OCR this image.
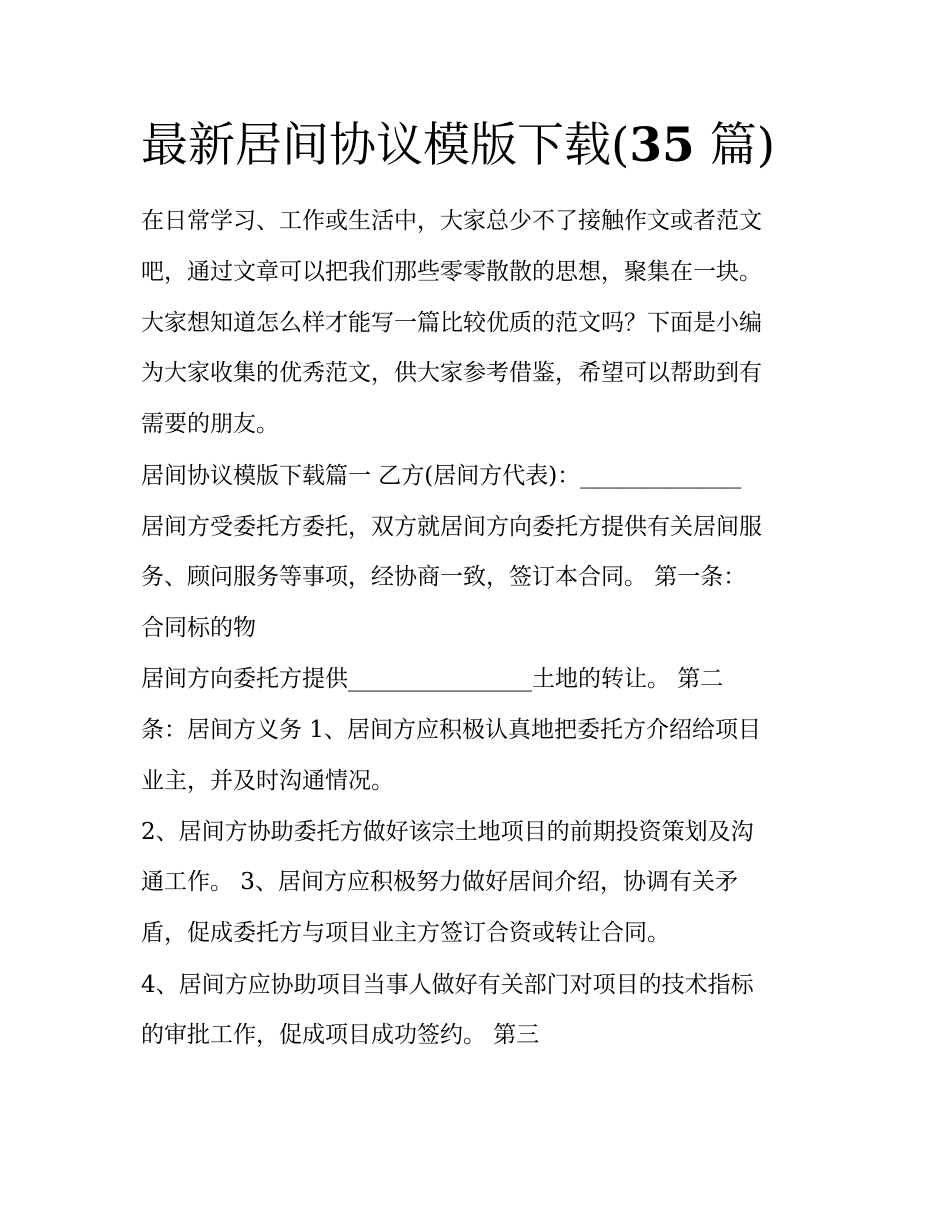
最新居间协议模版下载(35 篇)
在日常学习、工作或生活中，大家总少不了接触作文或者范文
吧，通过文章可以把我们那些零零散散的思想，聚集在一块。
大家想知道怎么样才能写一篇比较优质的范文吗？下面是小编
为大家收集的优秀范文，供大家参考借鉴，希望可以帮助到有
需要的朋友。
居间协议模版下载篇一 乙方(居间方代表)：______________
居间方受委托方委托，双方就居间方向委托方提供有关居间服
务、顾问服务等事项，经协商一致，签订本合同。 第一条：
合同标的物
居间方向委托方提供________________土地的转让。 第二
条：居间方义务 1、居间方应积极认真地把委托方介绍给项目
业主，并及时沟通情况。
2、居间方协助委托方做好该宗土地项目的前期投资策划及沟
通工作。 3、居间方应积极努力做好居间介绍，协调有关矛
盾，促成委托方与项目业主方签订合资或转让合同。
4、居间方应协助项目当事人做好有关部门对项目的技术指标
的审批工作，促成项目成功签约。 第三
